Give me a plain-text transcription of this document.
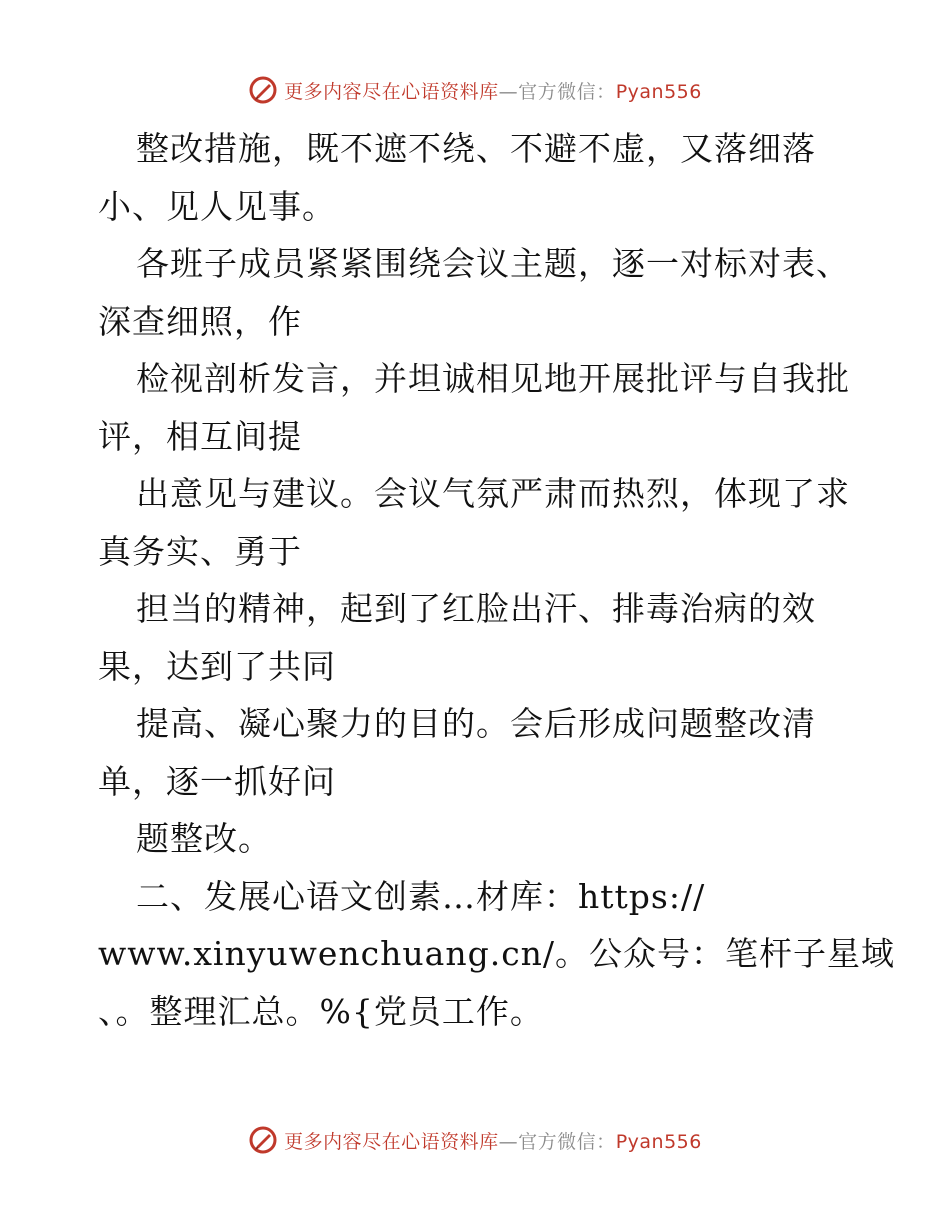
更多内容尽在心语资料库—官方微信：Pyan556
整改措施，既不遮不绕、不避不虚，又落细落
小、见人见事。
各班子成员紧紧围绕会议主题，逐一对标对表、
深查细照，作
检视剖析发言，并坦诚相见地开展批评与自我批
评，相互间提
出意见与建议。会议气氛严肃而热烈，体现了求
真务实、勇于
担当的精神，起到了红脸出汗、排毒治病的效
果，达到了共同
提高、凝心聚力的目的。会后形成问题整改清
单，逐一抓好问
题整改。
二、发展心语文创素…材库：https://
www.xinyuwenchuang.cn/。公众号：笔杆子星域
、。整理汇总。%{党员工作。
更多内容尽在心语资料库—官方微信：Pyan556
